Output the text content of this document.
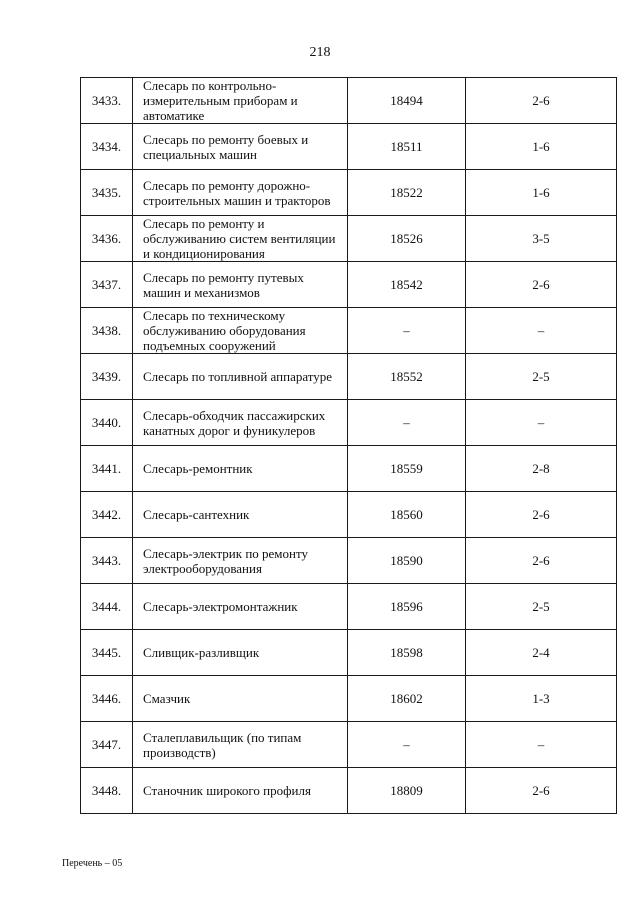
218
3433.	Слесарь по контрольно-измерительным приборам и автоматике	18494	2-6
3434.	Слесарь по ремонту боевых и специальных машин	18511	1-6
3435.	Слесарь по ремонту дорожно-строительных машин и тракторов	18522	1-6
3436.	Слесарь по ремонту и обслуживанию систем вентиляции и кондиционирования	18526	3-5
3437.	Слесарь по ремонту путевых машин и механизмов	18542	2-6
3438.	Слесарь по техническому обслуживанию оборудования подъемных сооружений	–	–
3439.	Слесарь по топливной аппаратуре	18552	2-5
3440.	Слесарь-обходчик пассажирских канатных дорог и фуникулеров	–	–
3441.	Слесарь-ремонтник	18559	2-8
3442.	Слесарь-сантехник	18560	2-6
3443.	Слесарь-электрик по ремонту электрооборудования	18590	2-6
3444.	Слесарь-электромонтажник	18596	2-5
3445.	Сливщик-разливщик	18598	2-4
3446.	Смазчик	18602	1-3
3447.	Сталеплавильщик (по типам производств)	–	–
3448.	Станочник широкого профиля	18809	2-6
Перечень – 05
